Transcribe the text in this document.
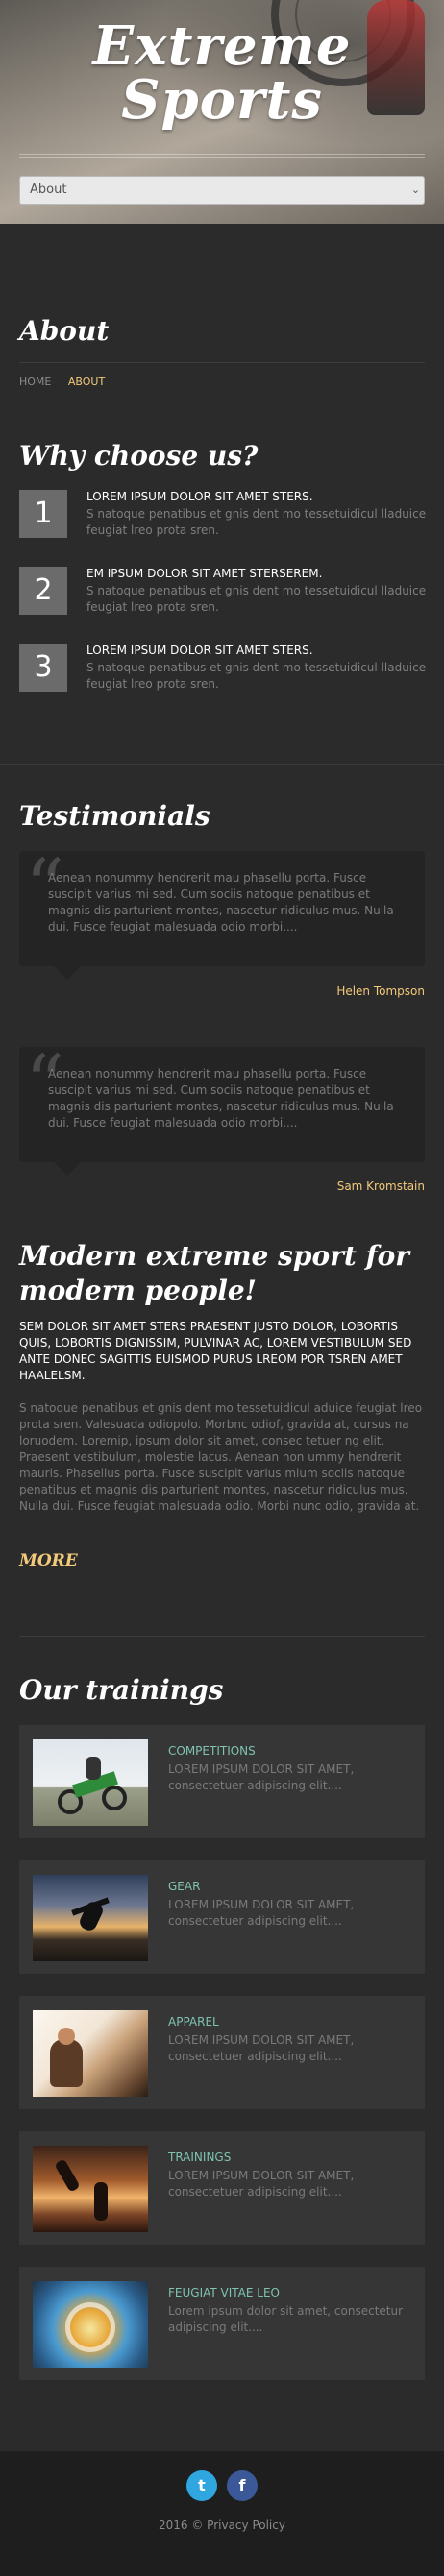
Extreme
Sports
About	⌄
About
HOME ABOUT
Why choose us?
1	LOREM IPSUM DOLOR SIT AMET STERS.
S natoque penatibus et gnis dent mo tessetuidicul lladuice feugiat lreo prota sren.
2	EM IPSUM DOLOR SIT AMET STERSEREM.
S natoque penatibus et gnis dent mo tessetuidicul lladuice feugiat lreo prota sren.
3	LOREM IPSUM DOLOR SIT AMET STERS.
S natoque penatibus et gnis dent mo tessetuidicul lladuice feugiat lreo prota sren.
Testimonials
“
Aenean nonummy hendrerit mau phasellu porta. Fusce suscipit varius mi sed. Cum sociis natoque penatibus et magnis dis parturient montes, nascetur ridiculus mus. Nulla dui. Fusce feugiat malesuada odio morbi....
Helen Tompson
“
Aenean nonummy hendrerit mau phasellu porta. Fusce suscipit varius mi sed. Cum sociis natoque penatibus et magnis dis parturient montes, nascetur ridiculus mus. Nulla dui. Fusce feugiat malesuada odio morbi....
Sam Kromstain
Modern extreme sport for modern people!
SEM DOLOR SIT AMET STERS PRAESENT JUSTO DOLOR, LOBORTIS QUIS, LOBORTIS DIGNISSIM, PULVINAR AC, LOREM VESTIBULUM SED ANTE DONEC SAGITTIS EUISMOD PURUS LREOM POR TSREN AMET HAALELSM.
S natoque penatibus et gnis dent mo tessetuidicul aduice feugiat lreo prota sren. Valesuada odiopolo. Morbnc odiof, gravida at, cursus na loruodem. Loremip, ipsum dolor sit amet, consec tetuer ng elit. Praesent vestibulum, molestie lacus. Aenean non ummy hendrerit mauris. Phasellus porta. Fusce suscipit varius mium sociis natoque penatibus et magnis dis parturient montes, nascetur ridiculus mus. Nulla dui. Fusce feugiat malesuada odio. Morbi nunc odio, gravida at.
MORE
Our trainings
COMPETITIONS
LOREM IPSUM DOLOR SIT AMET, consectetuer adipiscing elit....
GEAR
LOREM IPSUM DOLOR SIT AMET, consectetuer adipiscing elit....
APPAREL
LOREM IPSUM DOLOR SIT AMET, consectetuer adipiscing elit....
TRAININGS
LOREM IPSUM DOLOR SIT AMET, consectetuer adipiscing elit....
FEUGIAT VITAE LEO
Lorem ipsum dolor sit amet, consectetur adipiscing elit....
t	f
2016 © Privacy Policy
